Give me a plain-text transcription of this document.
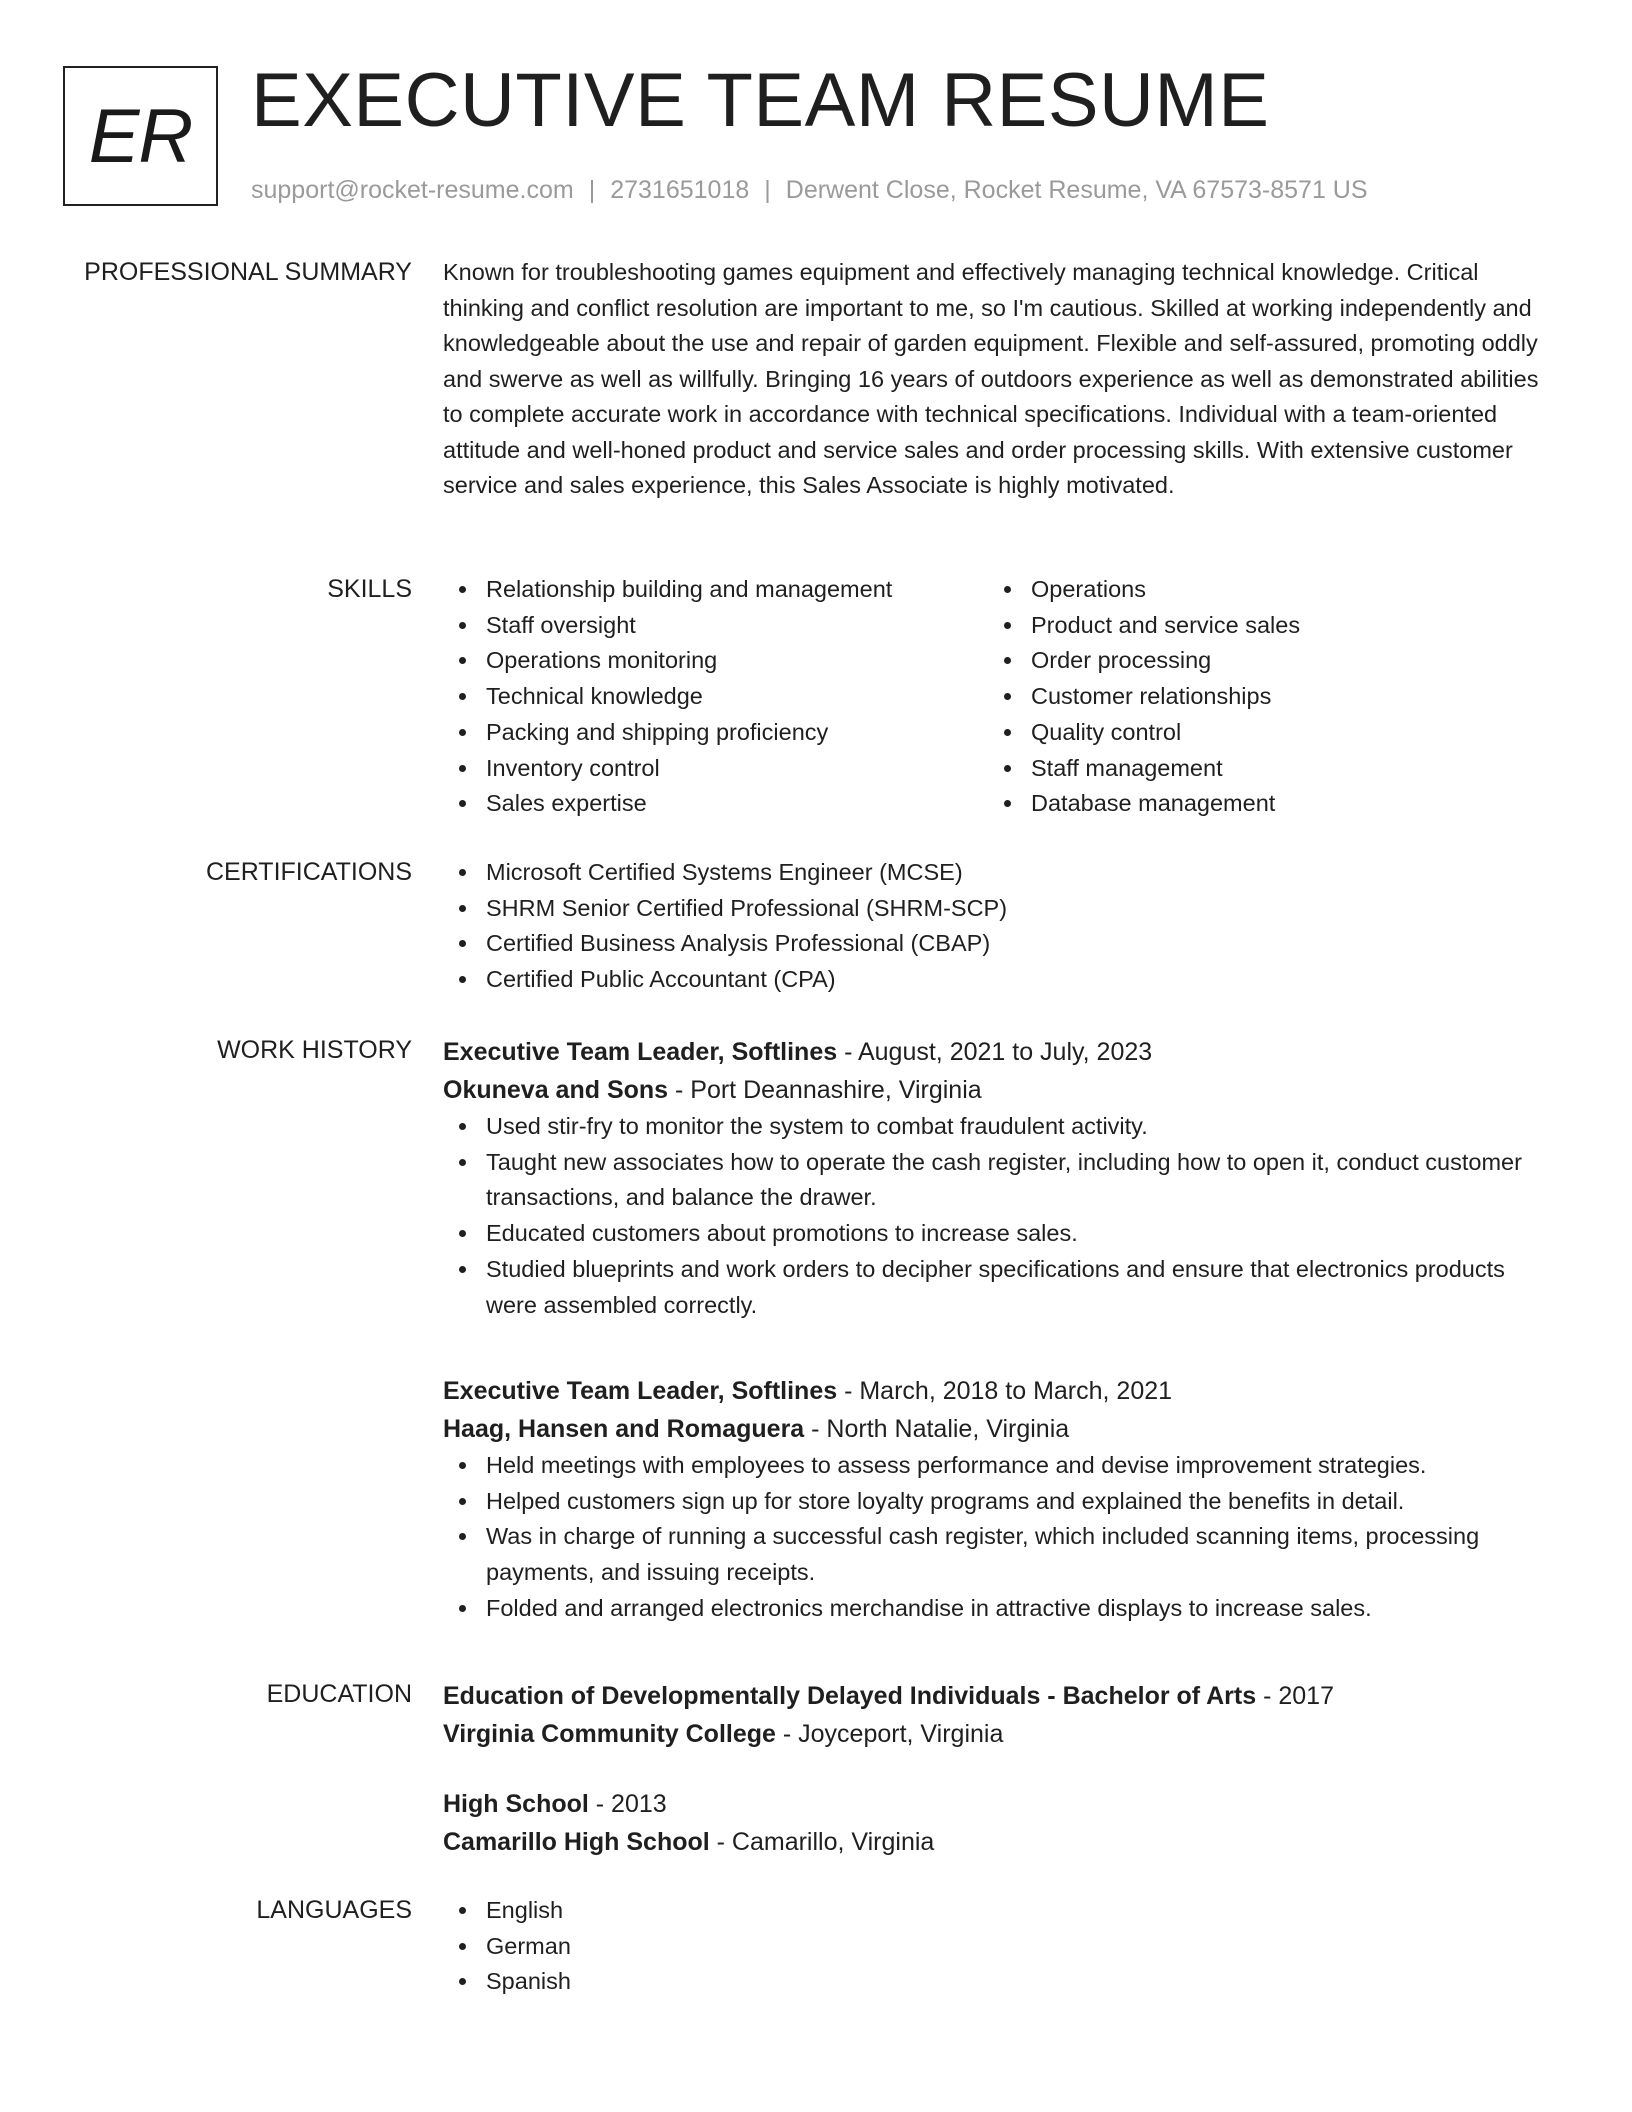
ER EXECUTIVE TEAM RESUME
support@rocket-resume.com | 2731651018 | Derwent Close, Rocket Resume, VA 67573-8571 US
PROFESSIONAL SUMMARY Known for troubleshooting games equipment and effectively managing technical knowledge. Critical thinking and conflict resolution are important to me, so I'm cautious. Skilled at working independently and knowledgeable about the use and repair of garden equipment. Flexible and self-assured, promoting oddly and swerve as well as willfully. Bringing 16 years of outdoors experience as well as demonstrated abilities to complete accurate work in accordance with technical specifications. Individual with a team-oriented attitude and well-honed product and service sales and order processing skills. With extensive customer service and sales experience, this Sales Associate is highly motivated.

SKILLS	Relationship building and management
Staff oversight
Operations monitoring
Technical knowledge
Packing and shipping proficiency
Inventory control
Sales expertise
Operations
Product and service sales
Order processing
Customer relationships
Quality control
Staff management
Database management
CERTIFICATIONS	Microsoft Certified Systems Engineer (MCSE)
SHRM Senior Certified Professional (SHRM-SCP)
Certified Business Analysis Professional (CBAP)
Certified Public Accountant (CPA)
WORK HISTORY Executive Team Leader, Softlines - August, 2021 to July, 2023
Okuneva and Sons - Port Deannashire, Virginia
Used stir-fry to monitor the system to combat fraudulent activity.
Taught new associates how to operate the cash register, including how to open it, conduct customer transactions, and balance the drawer.
Educated customers about promotions to increase sales.
Studied blueprints and work orders to decipher specifications and ensure that electronics products were assembled correctly.
Executive Team Leader, Softlines - March, 2018 to March, 2021
Haag, Hansen and Romaguera - North Natalie, Virginia
Held meetings with employees to assess performance and devise improvement strategies.
Helped customers sign up for store loyalty programs and explained the benefits in detail.
Was in charge of running a successful cash register, which included scanning items, processing payments, and issuing receipts.
Folded and arranged electronics merchandise in attractive displays to increase sales.
EDUCATION Education of Developmentally Delayed Individuals - Bachelor of Arts - 2017
Virginia Community College - Joyceport, Virginia
High School - 2013
Camarillo High School - Camarillo, Virginia
LANGUAGES	English
German
Spanish
